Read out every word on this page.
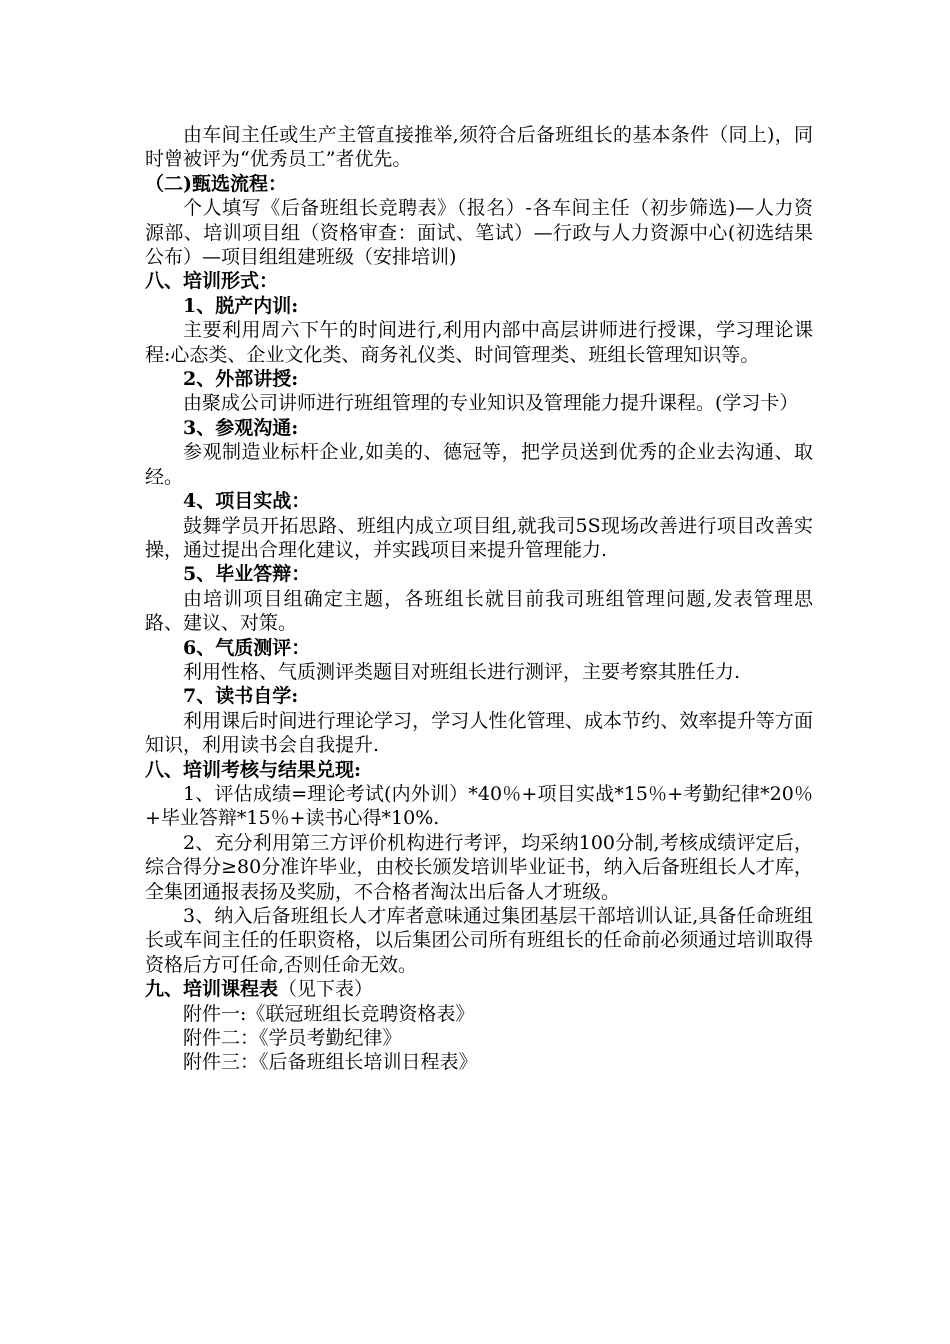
由车间主任或生产主管直接推举,须符合后备班组长的基本条件（同上)，同时曾被评为“优秀员工”者优先。

（二)甄选流程：

个人填写《后备班组长竞聘表》（报名）-各车间主任（初步筛选)—人力资源部、培训项目组（资格审查：面试、笔试）—行政与人力资源中心(初选结果公布）—项目组组建班级（安排培训)

八、培训形式：

1、脱产内训:

主要利用周六下午的时间进行,利用内部中高层讲师进行授课，学习理论课程:心态类、企业文化类、商务礼仪类、时间管理类、班组长管理知识等。

2、外部讲授:

由聚成公司讲师进行班组管理的专业知识及管理能力提升课程。(学习卡）

3、参观沟通:

参观制造业标杆企业,如美的、德冠等，把学员送到优秀的企业去沟通、取经。

4、项目实战：

鼓舞学员开拓思路、班组内成立项目组,就我司5S现场改善进行项目改善实操，通过提出合理化建议，并实践项目来提升管理能力.

5、毕业答辩：

由培训项目组确定主题，各班组长就目前我司班组管理问题,发表管理思路、建议、对策。

6、气质测评：

利用性格、气质测评类题目对班组长进行测评，主要考察其胜任力.

7、读书自学:

利用课后时间进行理论学习，学习人性化管理、成本节约、效率提升等方面知识，利用读书会自我提升.

八、培训考核与结果兑现:

1、评估成绩=理论考试(内外训）*40％+项目实战*15％+考勤纪律*20％+毕业答辩*15％+读书心得*10%.

2、充分利用第三方评价机构进行考评，均采纳100分制,考核成绩评定后，综合得分≥80分准许毕业，由校长颁发培训毕业证书，纳入后备班组长人才库，全集团通报表扬及奖励，不合格者淘汰出后备人才班级。

3、纳入后备班组长人才库者意味通过集团基层干部培训认证,具备任命班组长或车间主任的任职资格，以后集团公司所有班组长的任命前必须通过培训取得资格后方可任命,否则任命无效。

九、培训课程表（见下表）

附件一:《联冠班组长竞聘资格表》

附件二：《学员考勤纪律》

附件三：《后备班组长培训日程表》
